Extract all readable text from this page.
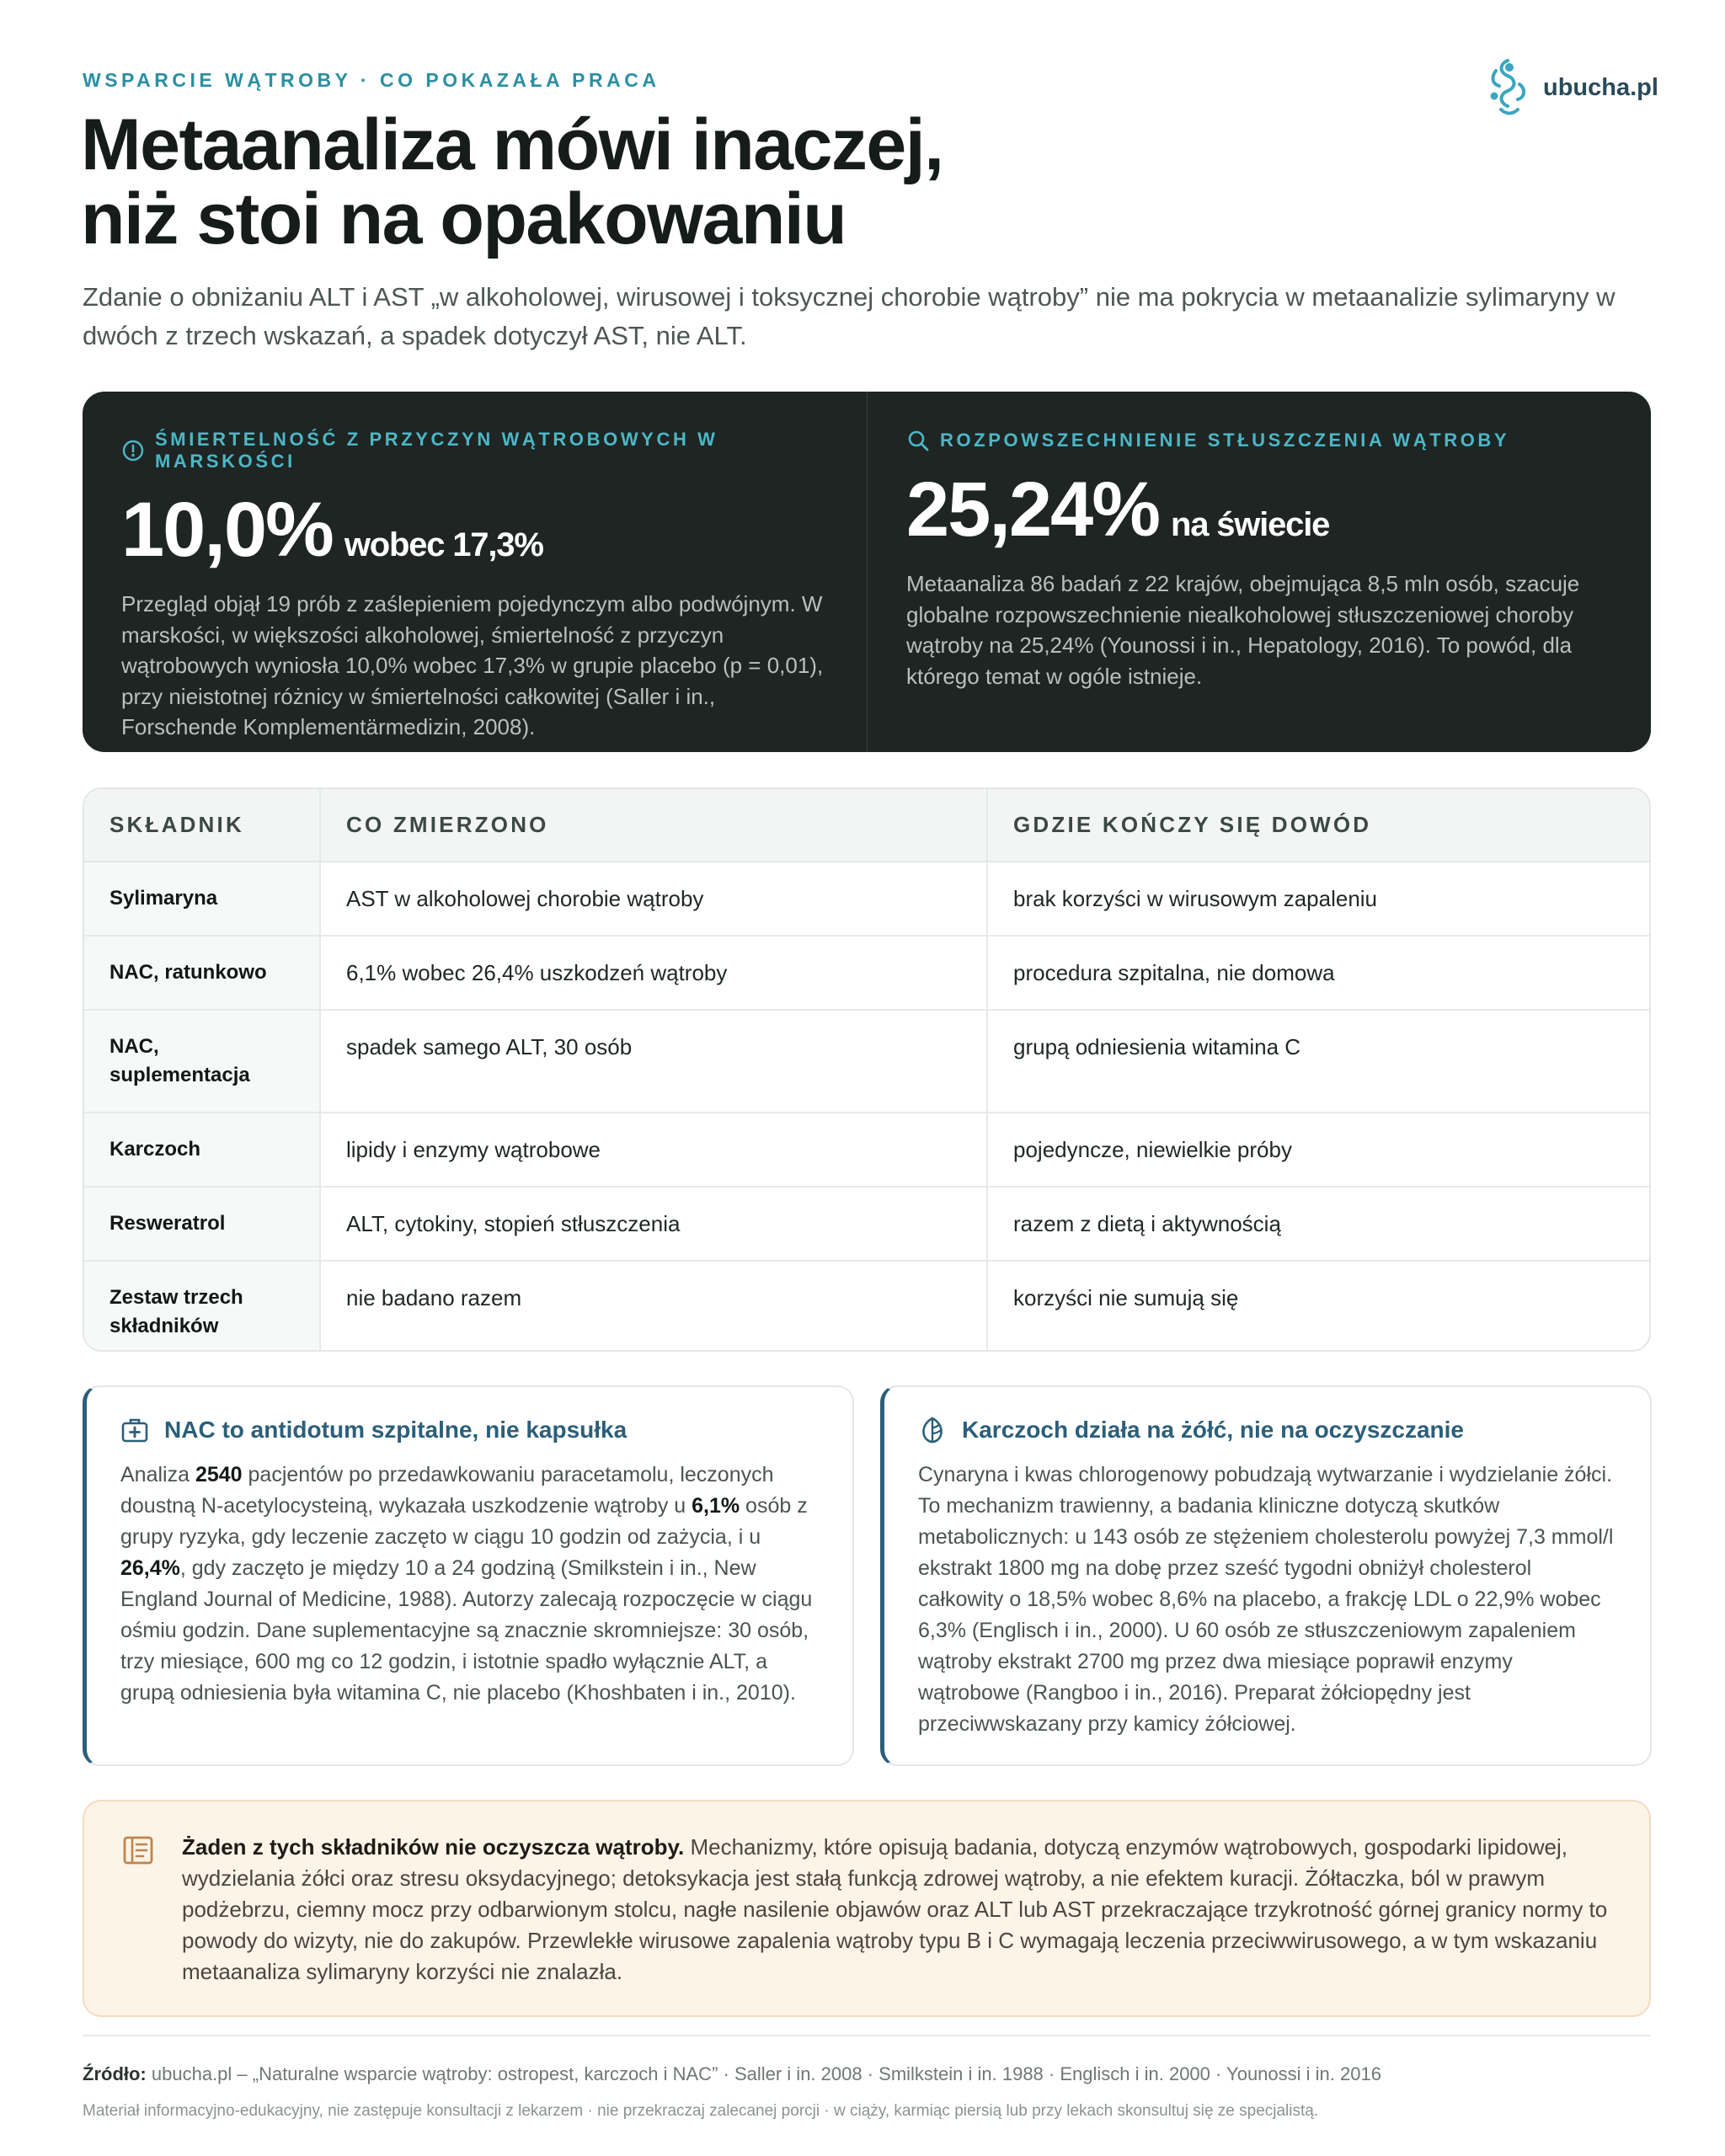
WSPARCIE WĄTROBY · CO POKAZAŁA PRACA	ubucha.pl
Metaanaliza mówi inaczej,
niż stoi na opakowaniu

Zdanie o obniżaniu ALT i AST „w alkoholowej, wirusowej i toksycznej chorobie wątroby” nie ma pokrycia w metaanalizie sylimaryny w dwóch z trzech wskazań, a spadek dotyczył AST, nie ALT.

ŚMIERTELNOŚĆ Z PRZYCZYN WĄTROBOWYCH W MARSKOŚCI
10,0% wobec 17,3%

Przegląd objął 19 prób z zaślepieniem pojedynczym albo podwójnym. W marskości, w większości alkoholowej, śmiertelność z przyczyn wątrobowych wyniosła 10,0% wobec 17,3% w grupie placebo (p = 0,01), przy nieistotnej różnicy w śmiertelności całkowitej (Saller i in., Forschende Komplementärmedizin, 2008).

ROZPOWSZECHNIENIE STŁUSZCZENIA WĄTROBY
25,24% na świecie

Metaanaliza 86 badań z 22 krajów, obejmująca 8,5 mln osób, szacuje globalne rozpowszechnienie niealkoholowej stłuszczeniowej choroby wątroby na 25,24% (Younossi i in., Hepatology, 2016). To powód, dla którego temat w ogóle istnieje.

SKŁADNIK	CO ZMIERZONO	GDZIE KOŃCZY SIĘ DOWÓD
Sylimaryna	AST w alkoholowej chorobie wątroby	brak korzyści w wirusowym zapaleniu
NAC, ratunkowo	6,1% wobec 26,4% uszkodzeń wątroby	procedura szpitalna, nie domowa
NAC, suplementacja	spadek samego ALT, 30 osób	grupą odniesienia witamina C
Karczoch	lipidy i enzymy wątrobowe	pojedyncze, niewielkie próby
Resweratrol	ALT, cytokiny, stopień stłuszczenia	razem z dietą i aktywnością
Zestaw trzech składników	nie badano razem	korzyści nie sumują się
NAC to antidotum szpitalne, nie kapsułka

Analiza 2540 pacjentów po przedawkowaniu paracetamolu, leczonych doustną N‑acetylocysteiną, wykazała uszkodzenie wątroby u 6,1% osób z grupy ryzyka, gdy leczenie zaczęto w ciągu 10 godzin od zażycia, i u 26,4%, gdy zaczęto je między 10 a 24 godziną (Smilkstein i in., New England Journal of Medicine, 1988). Autorzy zalecają rozpoczęcie w ciągu ośmiu godzin. Dane suplementacyjne są znacznie skromniejsze: 30 osób, trzy miesiące, 600 mg co 12 godzin, i istotnie spadło wyłącznie ALT, a grupą odniesienia była witamina C, nie placebo (Khoshbaten i in., 2010).

Karczoch działa na żółć, nie na oczyszczanie

Cynaryna i kwas chlorogenowy pobudzają wytwarzanie i wydzielanie żółci. To mechanizm trawienny, a badania kliniczne dotyczą skutków metabolicznych: u 143 osób ze stężeniem cholesterolu powyżej 7,3 mmol/l ekstrakt 1800 mg na dobę przez sześć tygodni obniżył cholesterol całkowity o 18,5% wobec 8,6% na placebo, a frakcję LDL o 22,9% wobec 6,3% (Englisch i in., 2000). U 60 osób ze stłuszczeniowym zapaleniem wątroby ekstrakt 2700 mg przez dwa miesiące poprawił enzymy wątrobowe (Rangboo i in., 2016). Preparat żółciopędny jest przeciwwskazany przy kamicy żółciowej.

Żaden z tych składników nie oczyszcza wątroby. Mechanizmy, które opisują badania, dotyczą enzymów wątrobowych, gospodarki lipidowej, wydzielania żółci oraz stresu oksydacyjnego; detoksykacja jest stałą funkcją zdrowej wątroby, a nie efektem kuracji. Żółtaczka, ból w prawym podżebrzu, ciemny mocz przy odbarwionym stolcu, nagłe nasilenie objawów oraz ALT lub AST przekraczające trzykrotność górnej granicy normy to powody do wizyty, nie do zakupów. Przewlekłe wirusowe zapalenia wątroby typu B i C wymagają leczenia przeciwwirusowego, a w tym wskazaniu metaanaliza sylimaryny korzyści nie znalazła.

Źródło: ubucha.pl – „Naturalne wsparcie wątroby: ostropest, karczoch i NAC” · Saller i in. 2008 · Smilkstein i in. 1988 · Englisch i in. 2000 · Younossi i in. 2016

Materiał informacyjno‑edukacyjny, nie zastępuje konsultacji z lekarzem · nie przekraczaj zalecanej porcji · w ciąży, karmiąc piersią lub przy lekach skonsultuj się ze specjalistą.
